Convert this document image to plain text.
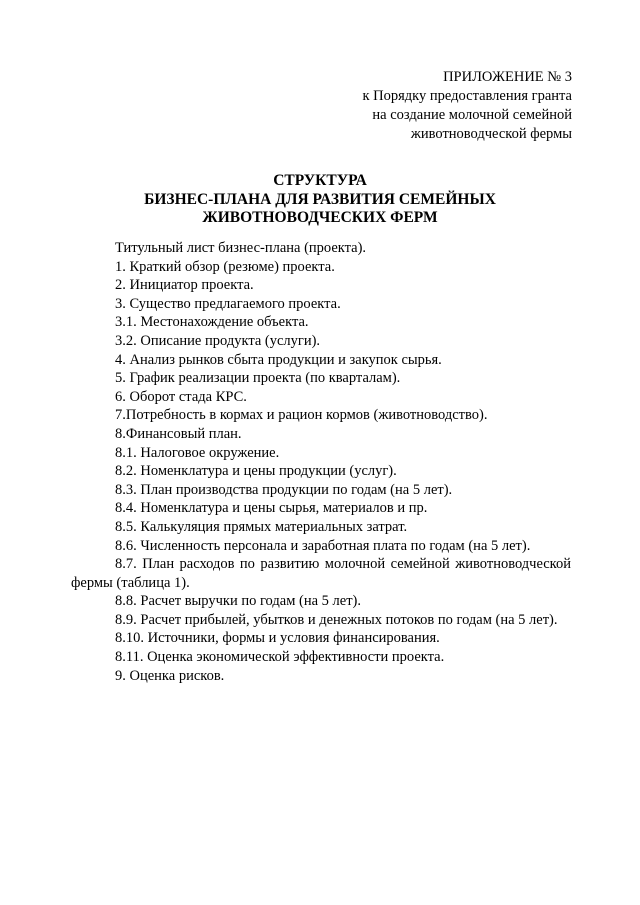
ПРИЛОЖЕНИЕ № 3
к Порядку предоставления гранта
на создание молочной семейной
животноводческой фермы
СТРУКТУРА
БИЗНЕС-ПЛАНА ДЛЯ РАЗВИТИЯ СЕМЕЙНЫХ
ЖИВОТНОВОДЧЕСКИХ ФЕРМ
Титульный лист бизнес-плана (проекта).
1. Краткий обзор (резюме) проекта.
2. Инициатор проекта.
3. Существо предлагаемого проекта.
3.1. Местонахождение объекта.
3.2. Описание продукта (услуги).
4. Анализ рынков сбыта продукции и закупок сырья.
5. График реализации проекта (по кварталам).
6. Оборот стада КРС.
7.Потребность в кормах и рацион кормов (животноводство).
8.Финансовый план.
8.1. Налоговое окружение.
8.2. Номенклатура и цены продукции (услуг).
8.3. План производства продукции по годам (на 5 лет).
8.4. Номенклатура и цены сырья, материалов и пр.
8.5. Калькуляция прямых материальных затрат.
8.6. Численность персонала и заработная плата по годам (на 5 лет).
8.7. План расходов по развитию молочной семейной животноводческой фермы (таблица 1).
8.8. Расчет выручки по годам (на 5 лет).
8.9. Расчет прибылей, убытков и денежных потоков по годам (на 5 лет).
8.10. Источники, формы и условия финансирования.
8.11. Оценка экономической эффективности проекта.
9. Оценка рисков.
